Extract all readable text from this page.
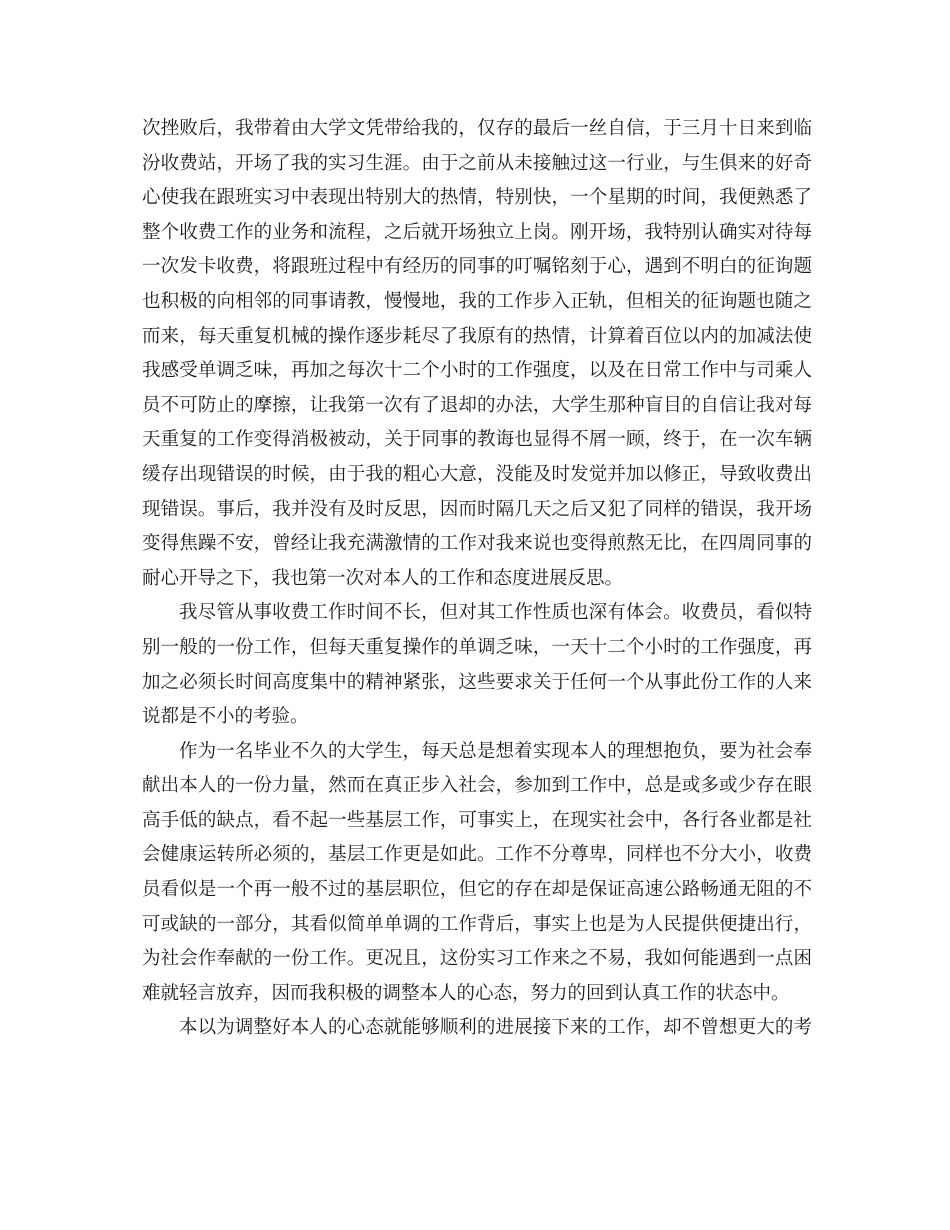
次挫败后，我带着由大学文凭带给我的，仅存的最后一丝自信，于三月十日来到临
汾收费站，开场了我的实习生涯。由于之前从未接触过这一行业，与生俱来的好奇
心使我在跟班实习中表现出特别大的热情，特别快，一个星期的时间，我便熟悉了
整个收费工作的业务和流程，之后就开场独立上岗。刚开场，我特别认确实对待每
一次发卡收费，将跟班过程中有经历的同事的叮嘱铭刻于心，遇到不明白的征询题
也积极的向相邻的同事请教，慢慢地，我的工作步入正轨，但相关的征询题也随之
而来，每天重复机械的操作逐步耗尽了我原有的热情，计算着百位以内的加减法使
我感受单调乏味，再加之每次十二个小时的工作强度，以及在日常工作中与司乘人
员不可防止的摩擦，让我第一次有了退却的办法，大学生那种盲目的自信让我对每
天重复的工作变得消极被动，关于同事的教诲也显得不屑一顾，终于，在一次车辆
缓存出现错误的时候，由于我的粗心大意，没能及时发觉并加以修正，导致收费出
现错误。事后，我并没有及时反思，因而时隔几天之后又犯了同样的错误，我开场
变得焦躁不安，曾经让我充满激情的工作对我来说也变得煎熬无比，在四周同事的
耐心开导之下，我也第一次对本人的工作和态度进展反思。
我尽管从事收费工作时间不长，但对其工作性质也深有体会。收费员，看似特
别一般的一份工作，但每天重复操作的单调乏味，一天十二个小时的工作强度，再
加之必须长时间高度集中的精神紧张，这些要求关于任何一个从事此份工作的人来
说都是不小的考验。
作为一名毕业不久的大学生，每天总是想着实现本人的理想抱负，要为社会奉
献出本人的一份力量，然而在真正步入社会，参加到工作中，总是或多或少存在眼
高手低的缺点，看不起一些基层工作，可事实上，在现实社会中，各行各业都是社
会健康运转所必须的，基层工作更是如此。工作不分尊卑，同样也不分大小，收费
员看似是一个再一般不过的基层职位，但它的存在却是保证高速公路畅通无阻的不
可或缺的一部分，其看似简单单调的工作背后，事实上也是为人民提供便捷出行，
为社会作奉献的一份工作。更况且，这份实习工作来之不易，我如何能遇到一点困
难就轻言放弃，因而我积极的调整本人的心态，努力的回到认真工作的状态中。
本以为调整好本人的心态就能够顺利的进展接下来的工作，却不曾想更大的考
